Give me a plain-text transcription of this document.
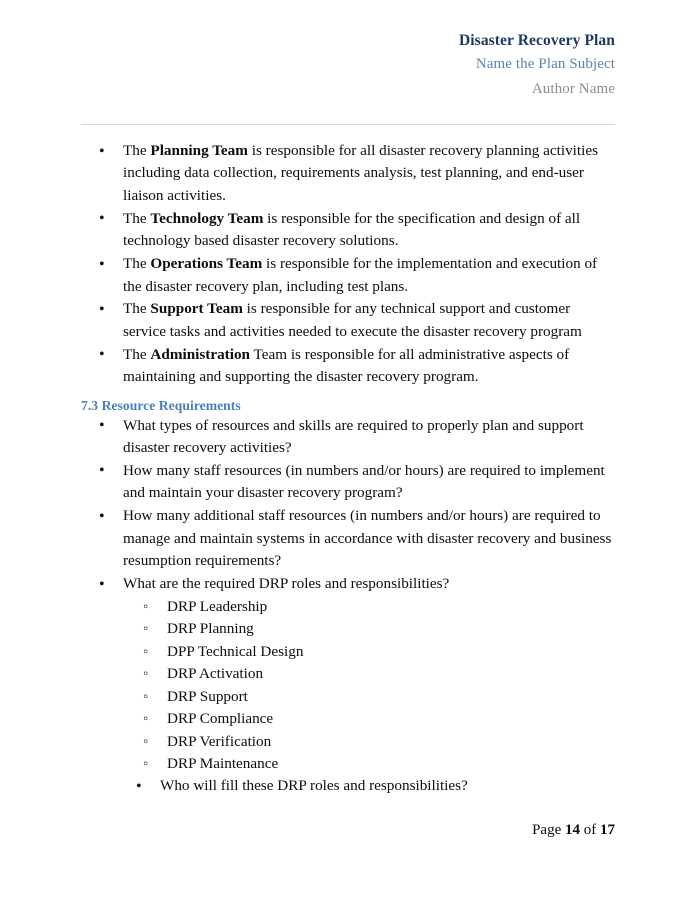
Disaster Recovery Plan
Name the Plan Subject
Author Name
• The Planning Team is responsible for all disaster recovery planning activities including data collection, requirements analysis, test planning, and end-user liaison activities.
• The Technology Team is responsible for the specification and design of all technology based disaster recovery solutions.
• The Operations Team is responsible for the implementation and execution of the disaster recovery plan, including test plans.
• The Support Team is responsible for any technical support and customer service tasks and activities needed to execute the disaster recovery program
• The Administration Team is responsible for all administrative aspects of maintaining and supporting the disaster recovery program.
7.3 Resource Requirements
• What types of resources and skills are required to properly plan and support disaster recovery activities?
• How many staff resources (in numbers and/or hours) are required to implement and maintain your disaster recovery program?
• How many additional staff resources (in numbers and/or hours) are required to manage and maintain systems in accordance with disaster recovery and business resumption requirements?
• What are the required DRP roles and responsibilities?
◦ DRP Leadership
◦ DRP Planning
◦ DPP Technical Design
◦ DRP Activation
◦ DRP Support
◦ DRP Compliance
◦ DRP Verification
◦ DRP Maintenance
• Who will fill these DRP roles and responsibilities?
Page 14 of 17
